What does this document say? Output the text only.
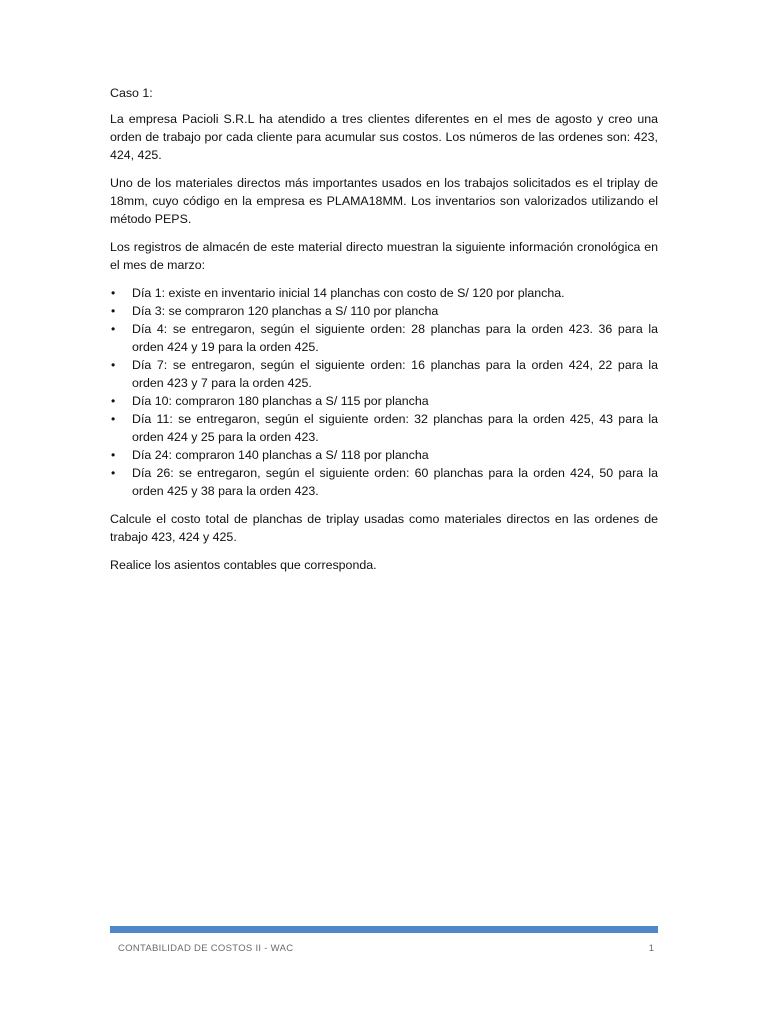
Caso 1:

La empresa Pacioli S.R.L ha atendido a tres clientes diferentes en el mes de agosto y creo una orden de trabajo por cada cliente para acumular sus costos. Los números de las ordenes son: 423, 424, 425.

Uno de los materiales directos más importantes usados en los trabajos solicitados es el triplay de 18mm, cuyo código en la empresa es PLAMA18MM. Los inventarios son valorizados utilizando el método PEPS.

Los registros de almacén de este material directo muestran la siguiente información cronológica en el mes de marzo:

• Día 1: existe en inventario inicial 14 planchas con costo de S/ 120 por plancha.
• Día 3: se compraron 120 planchas a S/ 110 por plancha
• Día 4: se entregaron, según el siguiente orden: 28 planchas para la orden 423. 36 para la orden 424 y 19 para la orden 425.
• Día 7: se entregaron, según el siguiente orden: 16 planchas para la orden 424, 22 para la orden 423 y 7 para la orden 425.
• Día 10: compraron 180 planchas a S/ 115 por plancha
• Día 11: se entregaron, según el siguiente orden: 32 planchas para la orden 425, 43 para la orden 424 y 25 para la orden 423.
• Día 24: compraron 140 planchas a S/ 118 por plancha
• Día 26: se entregaron, según el siguiente orden: 60 planchas para la orden 424, 50 para la orden 425 y 38 para la orden 423.

Calcule el costo total de planchas de triplay usadas como materiales directos en las ordenes de trabajo 423, 424 y 425.

Realice los asientos contables que corresponda.

CONTABILIDAD DE COSTOS II - WAC	1
